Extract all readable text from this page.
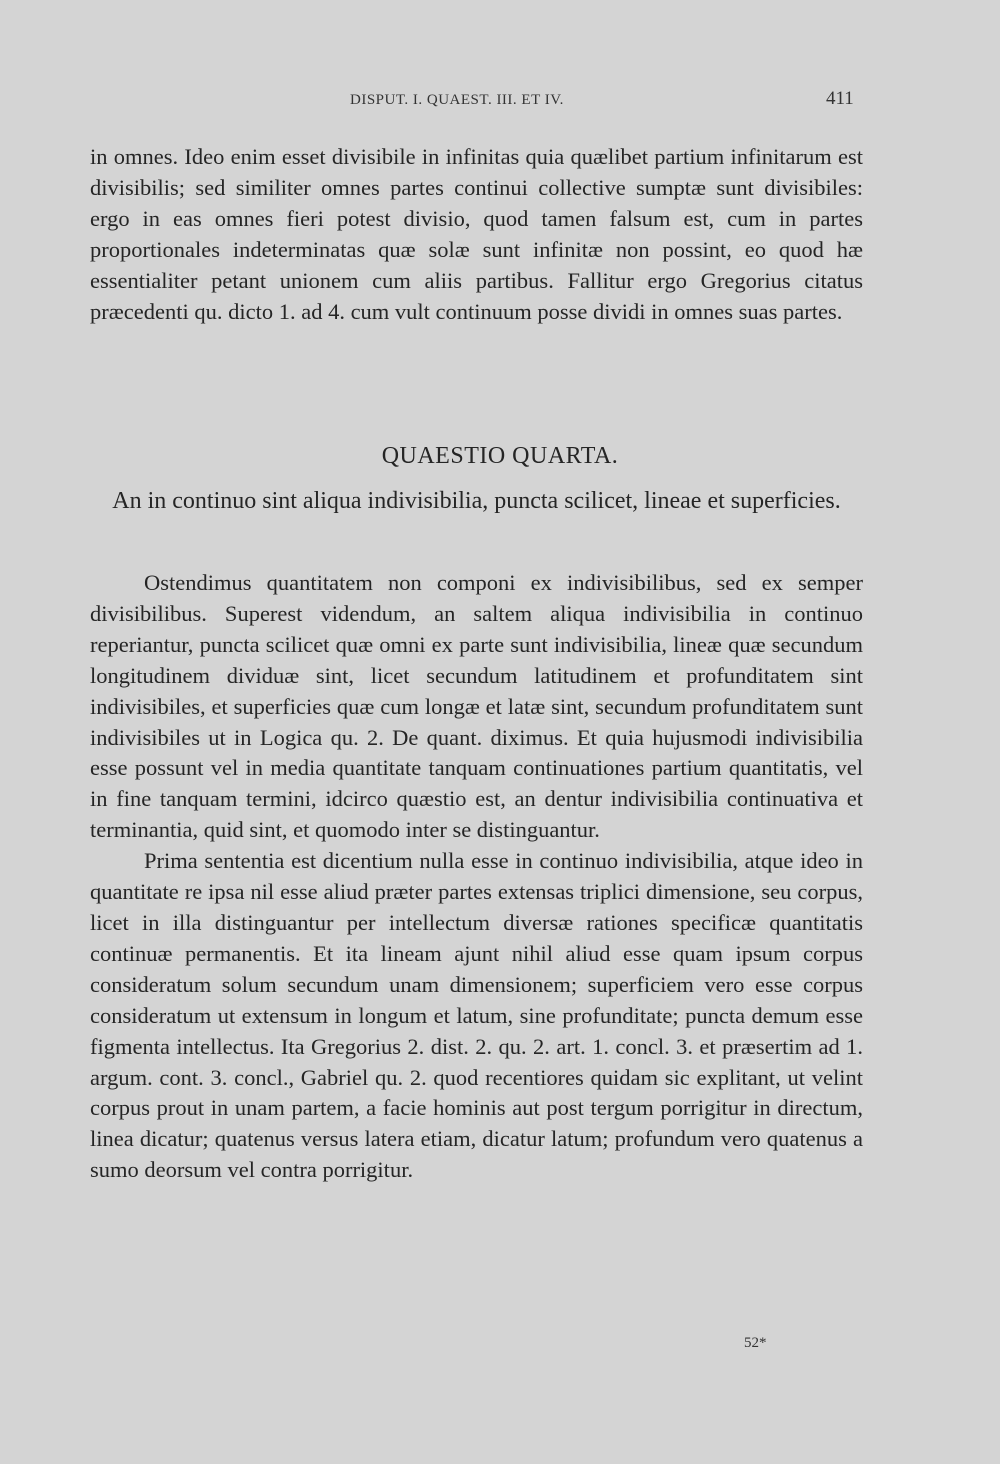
DISPUT. I. QUAEST. III. ET IV.	411

in omnes. Ideo enim esset divisibile in infinitas quia quælibet partium infinitarum est divisibilis; sed similiter omnes partes continui collective sumptæ sunt divisibiles: ergo in eas omnes fieri potest divisio, quod tamen falsum est, cum in partes proportionales indeterminatas quæ solæ sunt infinitæ non possint, eo quod hæ essentialiter petant unionem cum aliis partibus. Fallitur ergo Gregorius citatus præcedenti qu. dicto 1. ad 4. cum vult continuum posse dividi in omnes suas partes.

QUAESTIO QUARTA.
An in continuo sint aliqua indivisibilia, puncta scilicet, lineae et superficies.

Ostendimus quantitatem non componi ex indivisibilibus, sed ex semper divisibilibus. Superest videndum, an saltem aliqua indivisibilia in continuo reperiantur, puncta scilicet quæ omni ex parte sunt indivisibilia, lineæ quæ secundum longitudinem dividuæ sint, licet secundum latitudinem et profunditatem sint indivisibiles, et superficies quæ cum longæ et latæ sint, secundum profunditatem sunt indivisibiles ut in Logica qu. 2. De quant. diximus. Et quia hujusmodi indivisibilia esse possunt vel in media quantitate tanquam continuationes partium quantitatis, vel in fine tanquam termini, idcirco quæstio est, an dentur indivisibilia continuativa et terminantia, quid sint, et quomodo inter se distinguantur.

Prima sententia est dicentium nulla esse in continuo indivisibilia, atque ideo in quantitate re ipsa nil esse aliud præter partes extensas triplici dimensione, seu corpus, licet in illa distinguantur per intellectum diversæ rationes specificæ quantitatis continuæ permanentis. Et ita lineam ajunt nihil aliud esse quam ipsum corpus consideratum solum secundum unam dimensionem; superficiem vero esse corpus consideratum ut extensum in longum et latum, sine profunditate; puncta demum esse figmenta intellectus. Ita Gregorius 2. dist. 2. qu. 2. art. 1. concl. 3. et præsertim ad 1. argum. cont. 3. concl., Gabriel qu. 2. quod recentiores quidam sic explitant, ut velint corpus prout in unam partem, a facie hominis aut post tergum porrigitur in directum, linea dicatur; quatenus versus latera etiam, dicatur latum; profundum vero quatenus a sumo deorsum vel contra porrigitur.

52*
